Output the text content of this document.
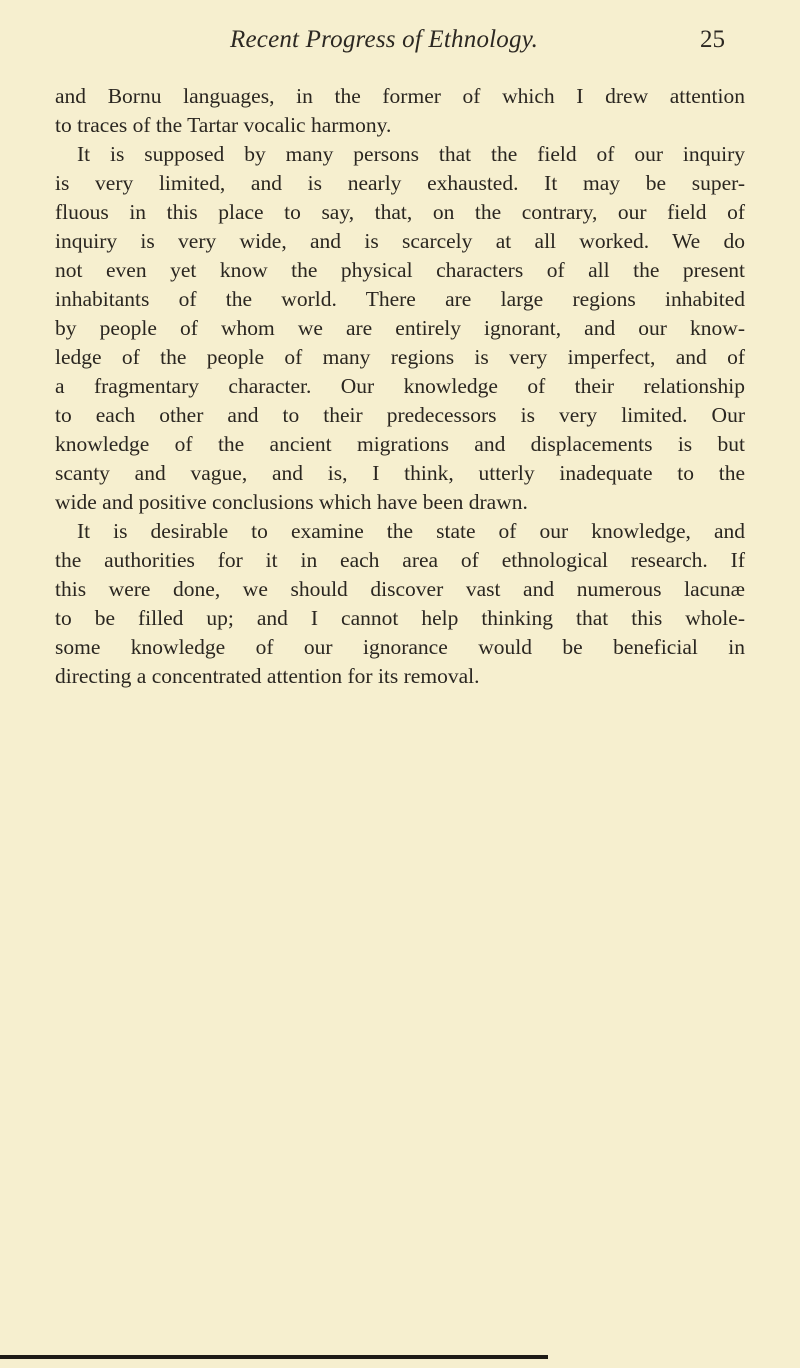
Recent Progress of Ethnology.	25
and Bornu languages, in the former of which I drew attention
to traces of the Tartar vocalic harmony.
It is supposed by many persons that the field of our inquiry
is very limited, and is nearly exhausted. It may be super-
fluous in this place to say, that, on the contrary, our field of
inquiry is very wide, and is scarcely at all worked. We do
not even yet know the physical characters of all the present
inhabitants of the world. There are large regions inhabited
by people of whom we are entirely ignorant, and our know-
ledge of the people of many regions is very imperfect, and of
a fragmentary character. Our knowledge of their relationship
to each other and to their predecessors is very limited. Our
knowledge of the ancient migrations and displacements is but
scanty and vague, and is, I think, utterly inadequate to the
wide and positive conclusions which have been drawn.
It is desirable to examine the state of our knowledge, and
the authorities for it in each area of ethnological research. If
this were done, we should discover vast and numerous lacunæ
to be filled up; and I cannot help thinking that this whole-
some knowledge of our ignorance would be beneficial in
directing a concentrated attention for its removal.
